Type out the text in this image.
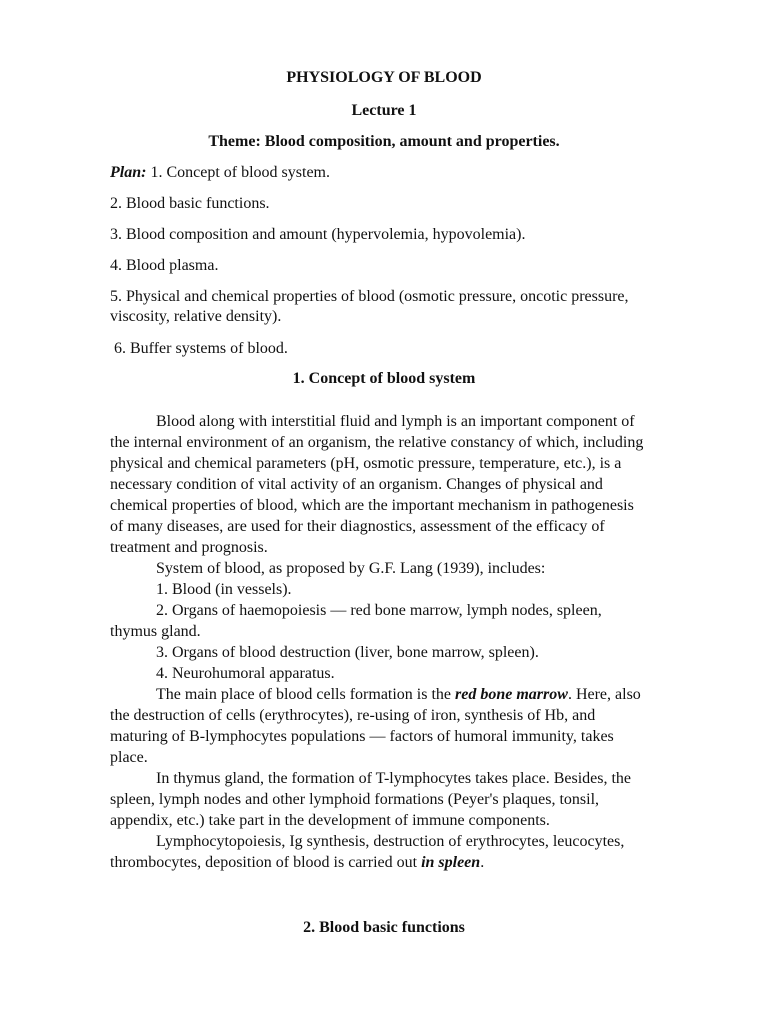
PHYSIOLOGY OF BLOOD
Lecture 1
Theme: Blood composition, amount and properties.
Plan: 1. Concept of blood system.
2. Blood basic functions.
3. Blood composition and amount (hypervolemia, hypovolemia).
4. Blood plasma.
5. Physical and chemical properties of blood (osmotic pressure, oncotic pressure,
viscosity, relative density).
6. Buffer systems of blood.
1. Concept of blood system
Blood along with interstitial fluid and lymph is an important component of
the internal environment of an organism, the relative constancy of which, including
physical and chemical parameters (pH, osmotic pressure, temperature, etc.), is a
necessary condition of vital activity of an organism. Changes of physical and
chemical properties of blood, which are the important mechanism in pathogenesis
of many diseases, are used for their diagnostics, assessment of the efficacy of
treatment and prognosis.
System of blood, as proposed by G.F. Lang (1939), includes:
1. Blood (in vessels).
2. Organs of haemopoiesis — red bone marrow, lymph nodes, spleen,
thymus gland.
3. Organs of blood destruction (liver, bone marrow, spleen).
4. Neurohumoral apparatus.
The main place of blood cells formation is the red bone marrow. Here, also
the destruction of cells (erythrocytes), re-using of iron, synthesis of Hb, and
maturing of B-lymphocytes populations — factors of humoral immunity, takes
place.
In thymus gland, the formation of T-lymphocytes takes place. Besides, the
spleen, lymph nodes and other lymphoid formations (Peyer's plaques, tonsil,
appendix, etc.) take part in the development of immune components.
Lymphocytopoiesis, Ig synthesis, destruction of erythrocytes, leucocytes,
thrombocytes, deposition of blood is carried out in spleen.
2. Blood basic functions
